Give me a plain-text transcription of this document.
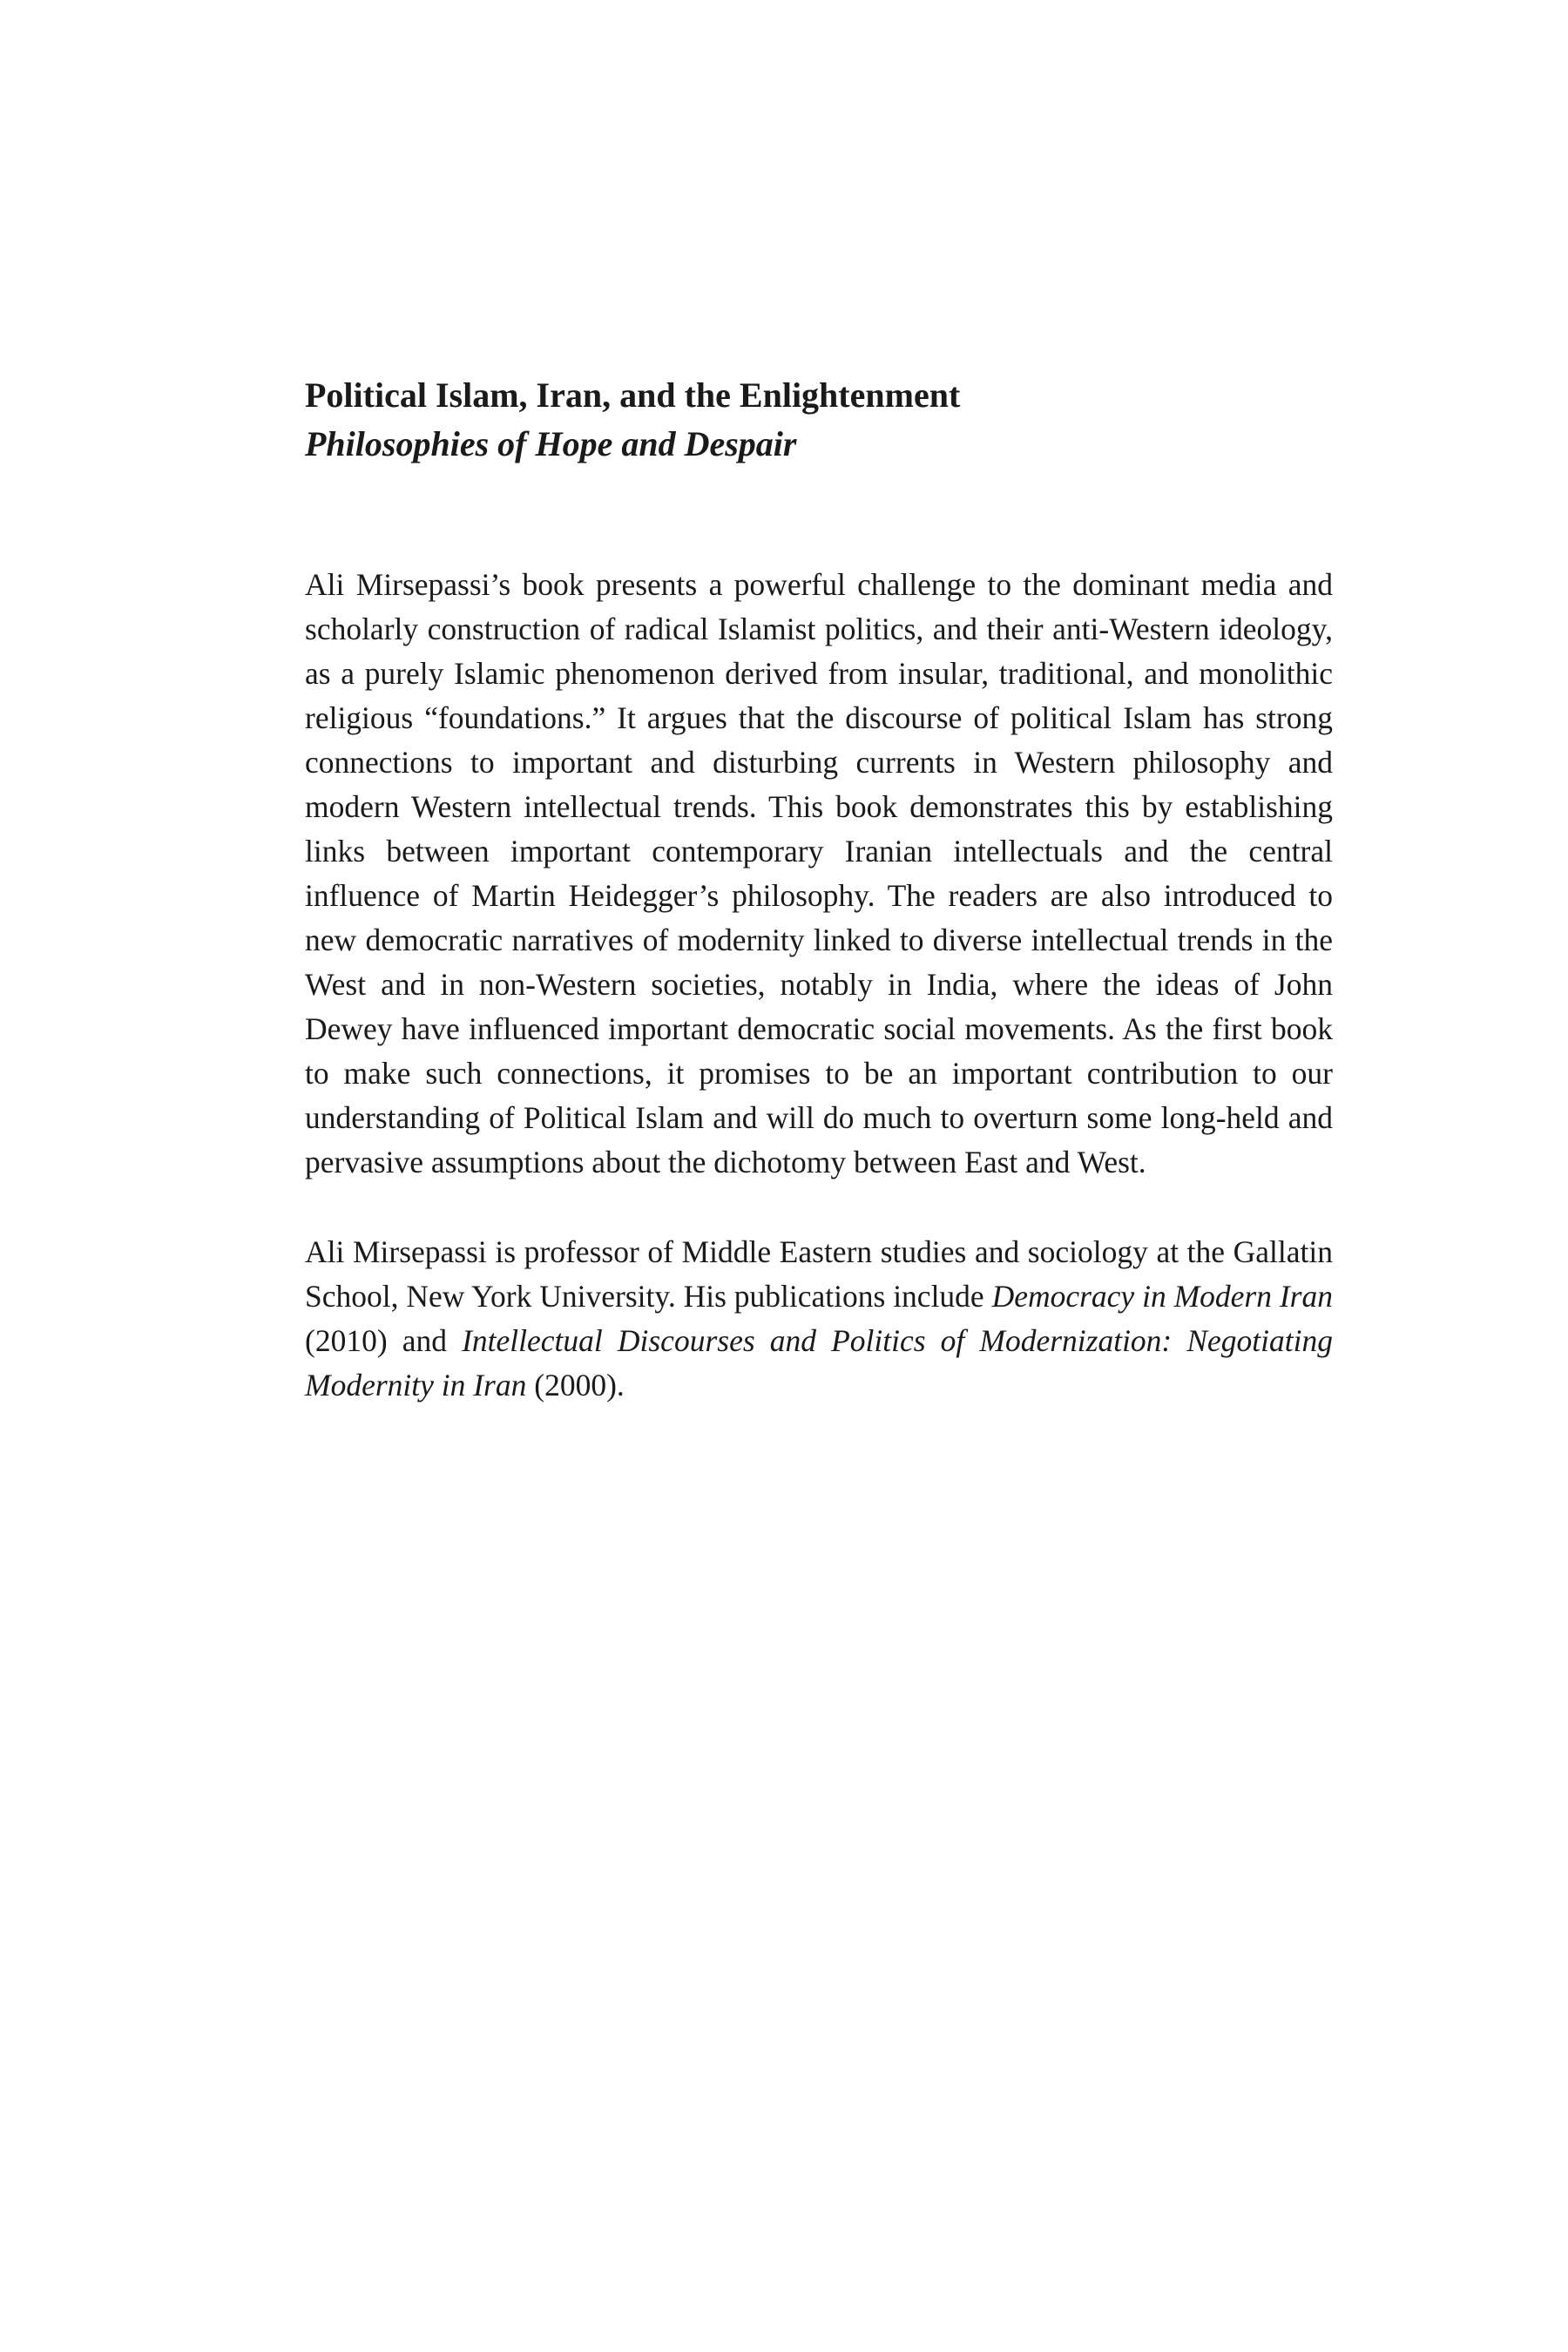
Political Islam, Iran, and the Enlightenment
Philosophies of Hope and Despair

Ali Mirsepassi’s book presents a powerful challenge to the dominant media and scholarly construction of radical Islamist politics, and their anti-Western ideology, as a purely Islamic phenomenon derived from insular, traditional, and monolithic religious “foundations.” It argues that the discourse of political Islam has strong connections to important and disturbing currents in Western philosophy and modern Western intellectual trends. This book demonstrates this by establishing links between important contemporary Iranian intellectuals and the central influence of Martin Heidegger’s philosophy. The readers are also introduced to new democratic narratives of modernity linked to diverse intellectual trends in the West and in non-Western societies, notably in India, where the ideas of John Dewey have influenced important democratic social movements. As the first book to make such connections, it promises to be an important contribution to our understanding of Political Islam and will do much to overturn some long-held and pervasive assumptions about the dichotomy between East and West.

Ali Mirsepassi is professor of Middle Eastern studies and sociology at the Gallatin School, New York University. His publications include Democracy in Modern Iran (2010) and Intellectual Discourses and Politics of Modernization: Negotiating Modernity in Iran (2000).
